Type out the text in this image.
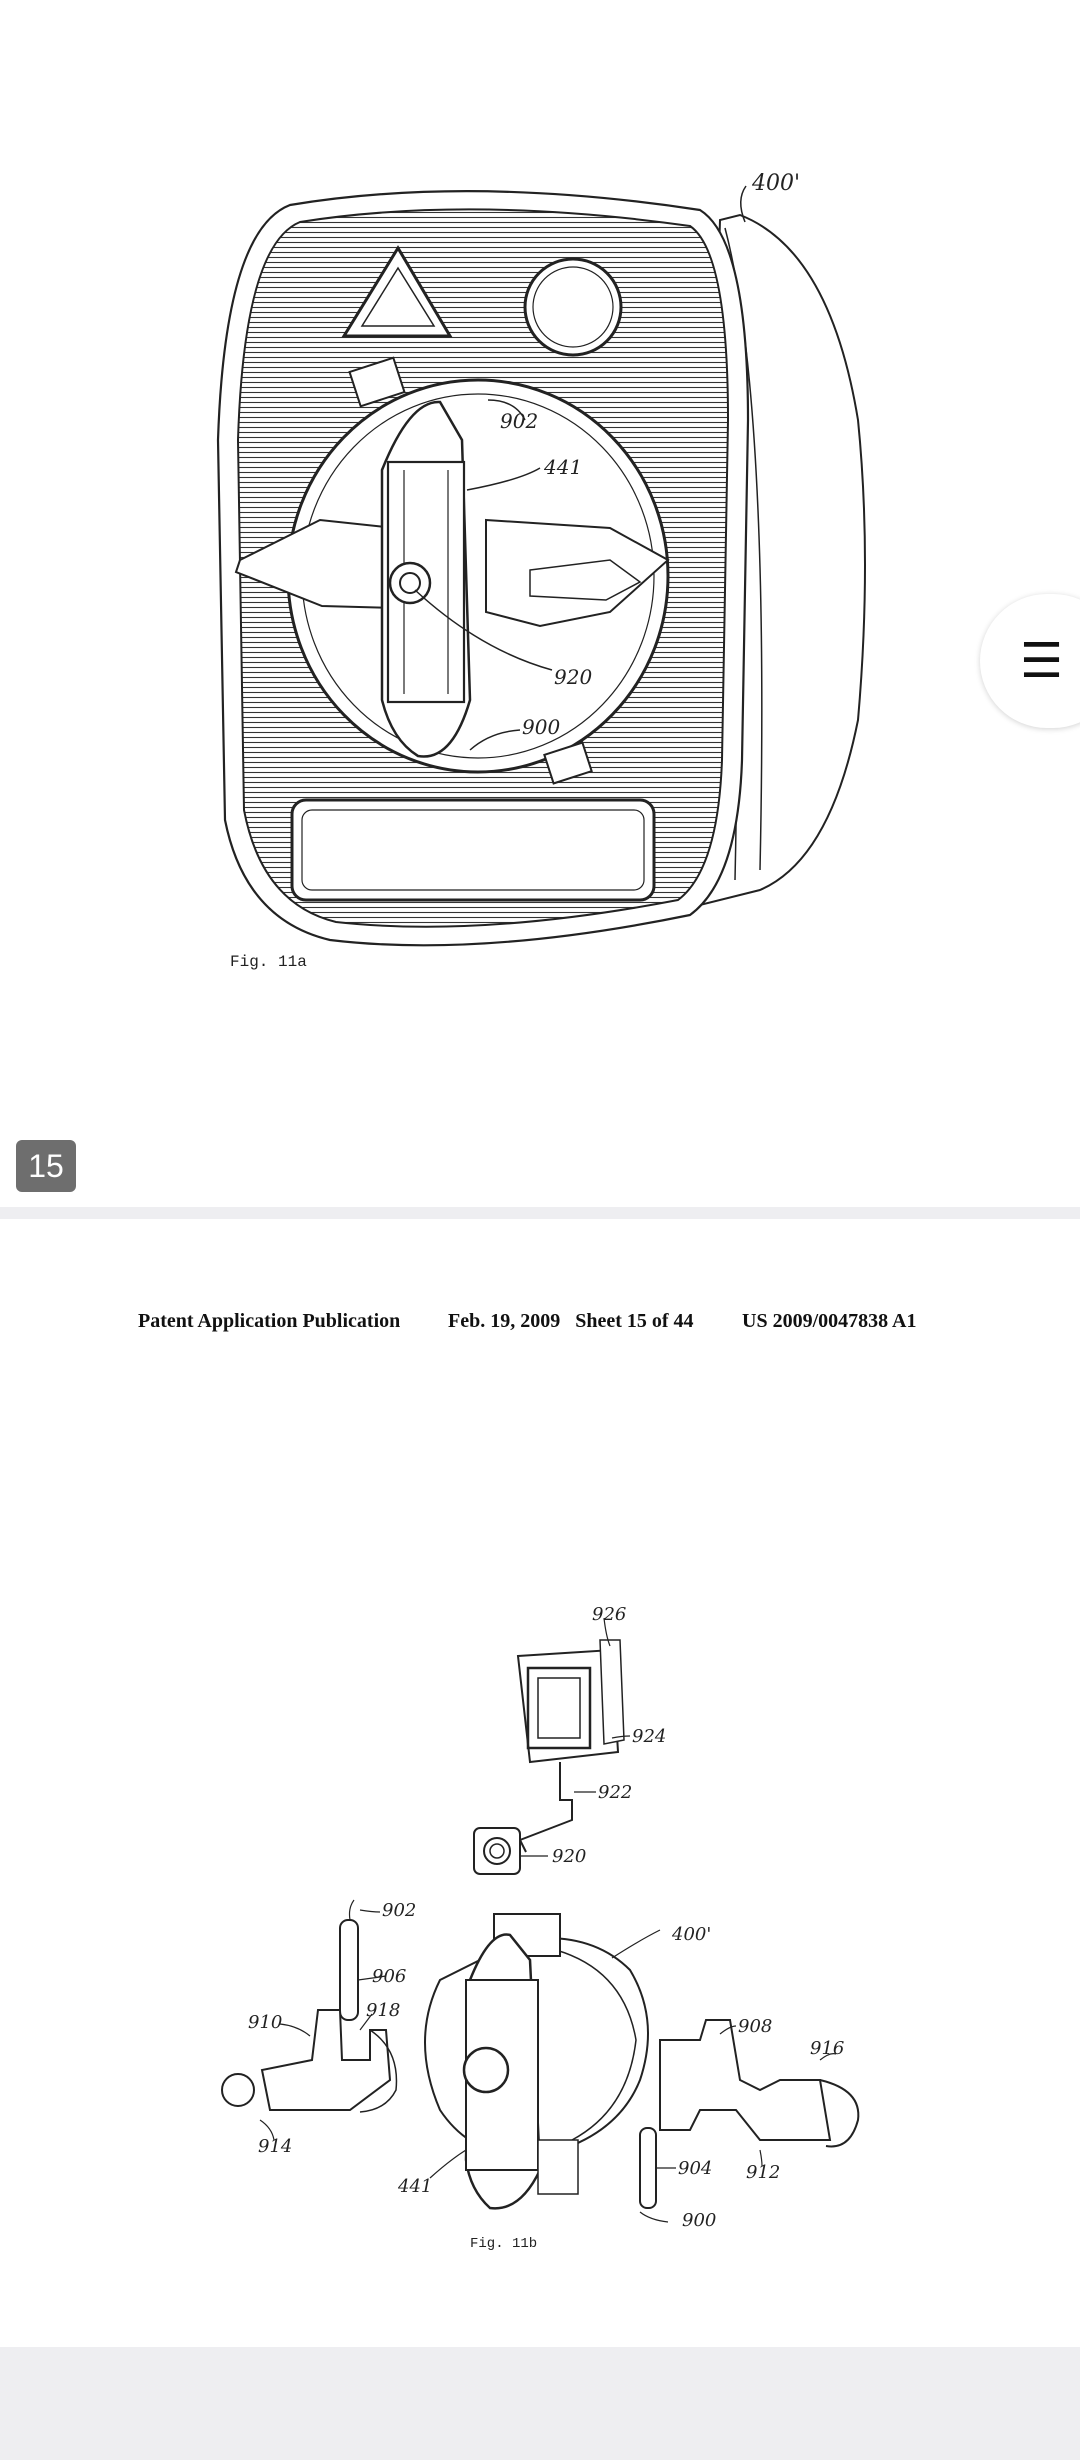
400'
902
441
920
900
Fig. 11a
15
☰
Patent Application Publication Feb. 19, 2009   Sheet 15 of 44 US 2009/0047838 A1
926
924
922
920
902
400'
906
910
918
908
916
914
912
904
441
900
Fig. 11b
